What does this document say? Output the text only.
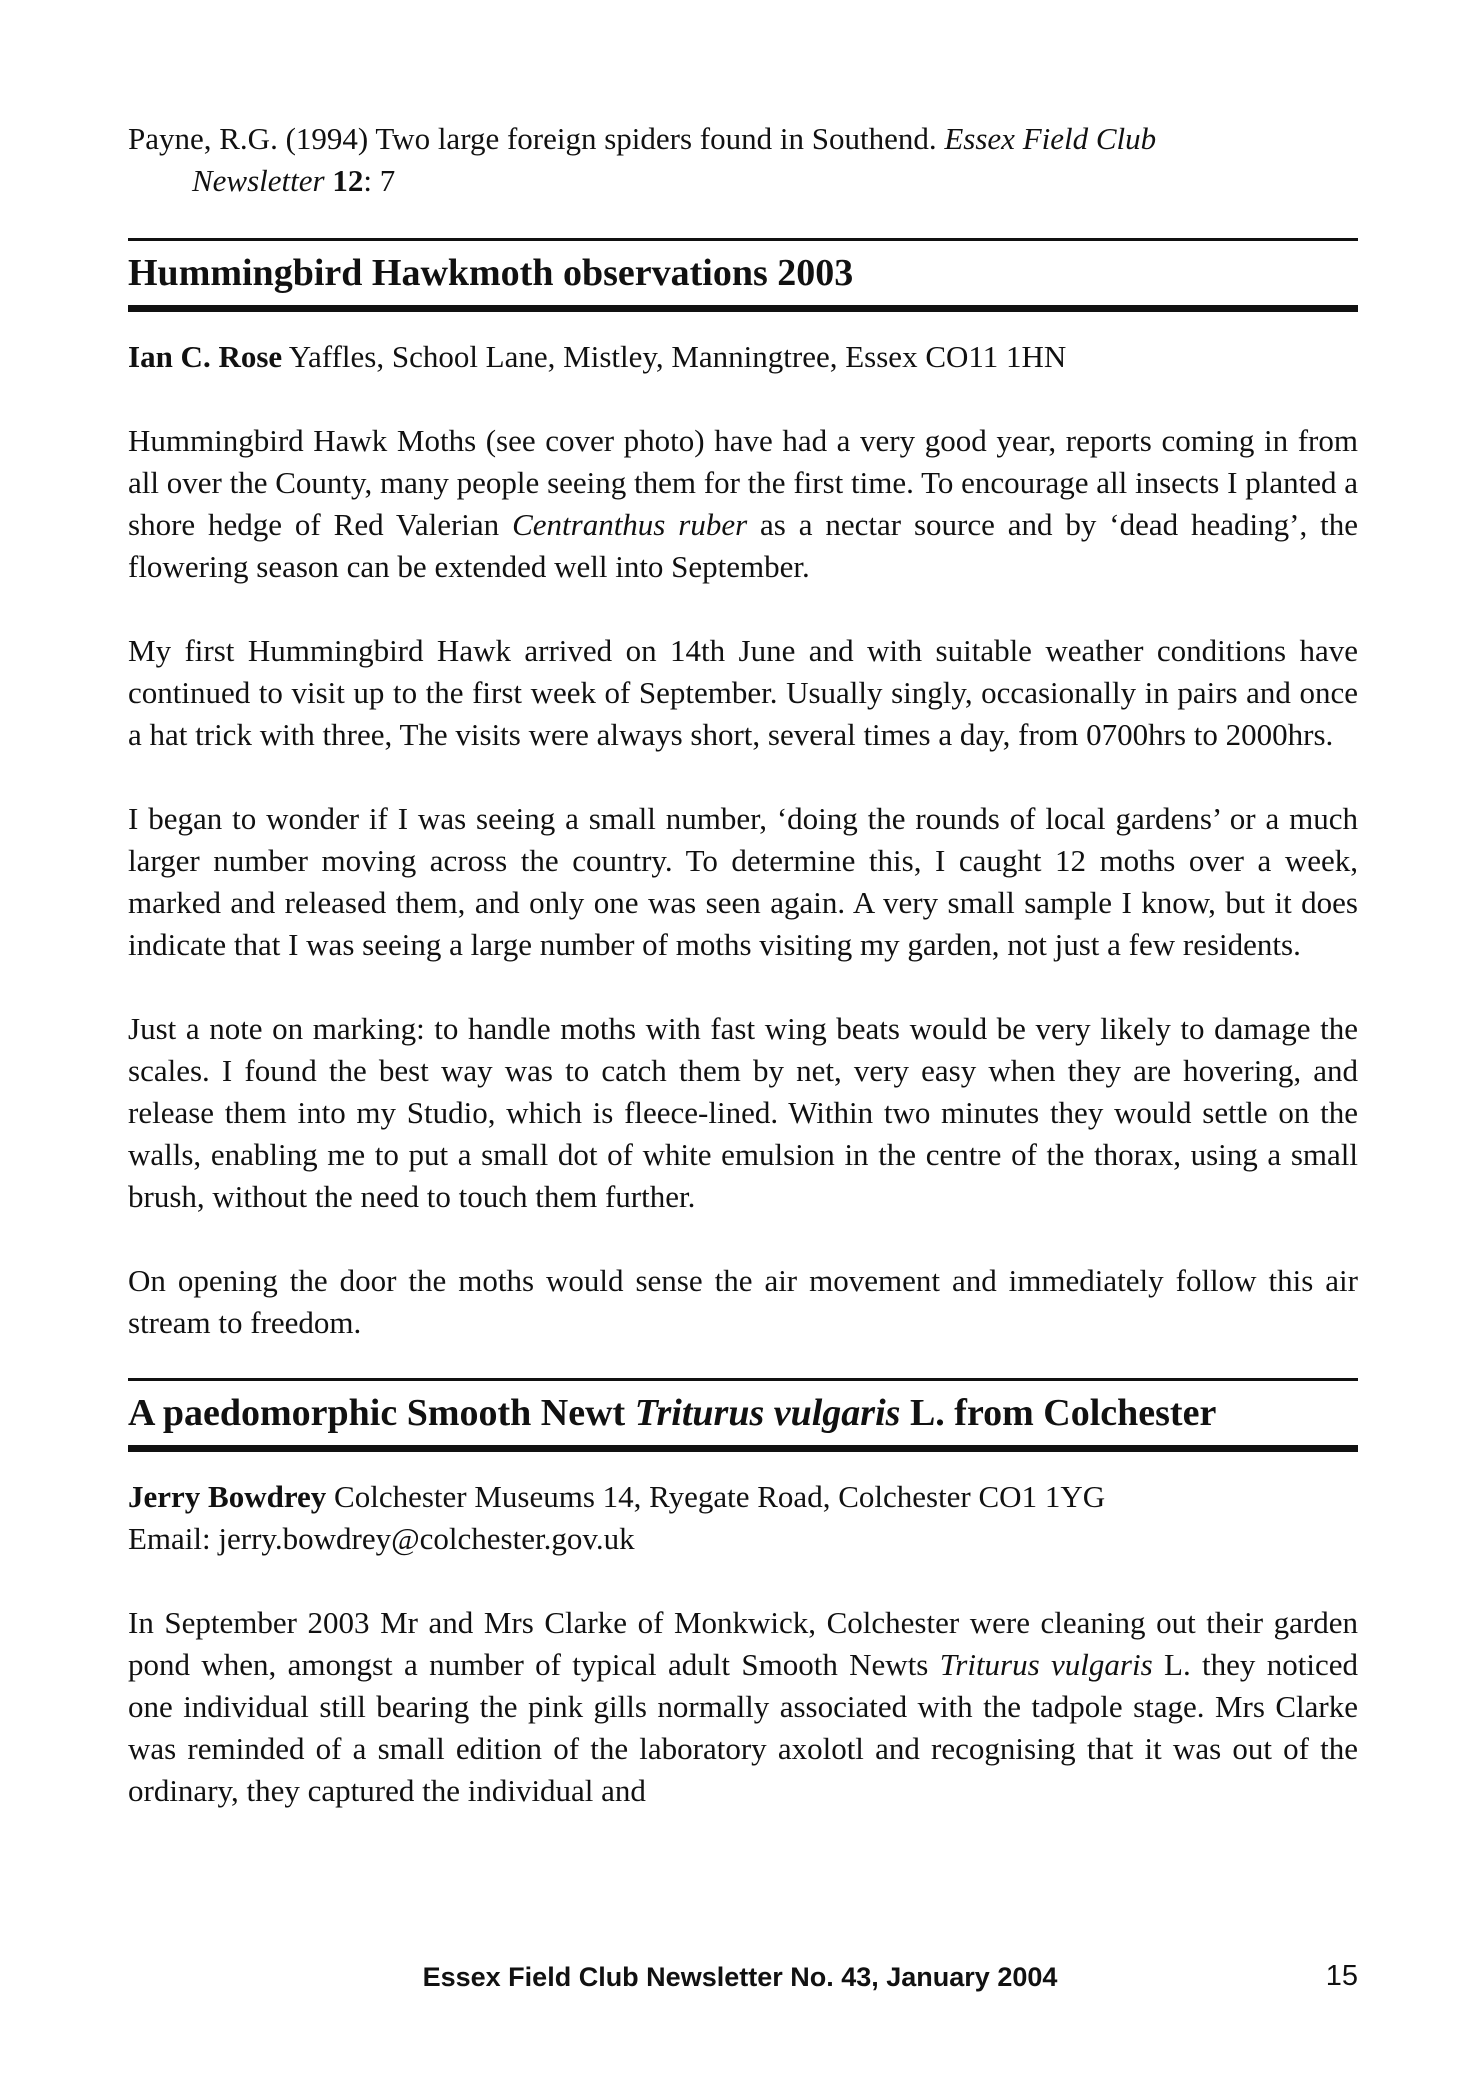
Payne, R.G. (1994) Two large foreign spiders found in Southend. Essex Field Club
Newsletter 12: 7

Hummingbird Hawkmoth observations 2003

Ian C. Rose Yaffles, School Lane, Mistley, Manningtree, Essex CO11 1HN

Hummingbird Hawk Moths (see cover photo) have had a very good year, reports coming in from all over the County, many people seeing them for the first time. To encourage all insects I planted a shore hedge of Red Valerian Centranthus ruber as a nectar source and by ‘dead heading’, the flowering season can be extended well into September.

My first Hummingbird Hawk arrived on 14th June and with suitable weather conditions have continued to visit up to the first week of September. Usually singly, occasionally in pairs and once a hat trick with three, The visits were always short, several times a day, from 0700hrs to 2000hrs.

I began to wonder if I was seeing a small number, ‘doing the rounds of local gardens’ or a much larger number moving across the country. To determine this, I caught 12 moths over a week, marked and released them, and only one was seen again. A very small sample I know, but it does indicate that I was seeing a large number of moths visiting my garden, not just a few residents.

Just a note on marking: to handle moths with fast wing beats would be very likely to damage the scales. I found the best way was to catch them by net, very easy when they are hovering, and release them into my Studio, which is fleece-lined. Within two minutes they would settle on the walls, enabling me to put a small dot of white emulsion in the centre of the thorax, using a small brush, without the need to touch them further.

On opening the door the moths would sense the air movement and immediately follow this air stream to freedom.

A paedomorphic Smooth Newt Triturus vulgaris L. from Colchester

Jerry Bowdrey Colchester Museums 14, Ryegate Road, Colchester CO1 1YG

Email: jerry.bowdrey@colchester.gov.uk

In September 2003 Mr and Mrs Clarke of Monkwick, Colchester were cleaning out their garden pond when, amongst a number of typical adult Smooth Newts Triturus vulgaris L. they noticed one individual still bearing the pink gills normally associated with the tadpole stage. Mrs Clarke was reminded of a small edition of the laboratory axolotl and recognising that it was out of the ordinary, they captured the individual and

Essex Field Club Newsletter No. 43, January 2004	15
